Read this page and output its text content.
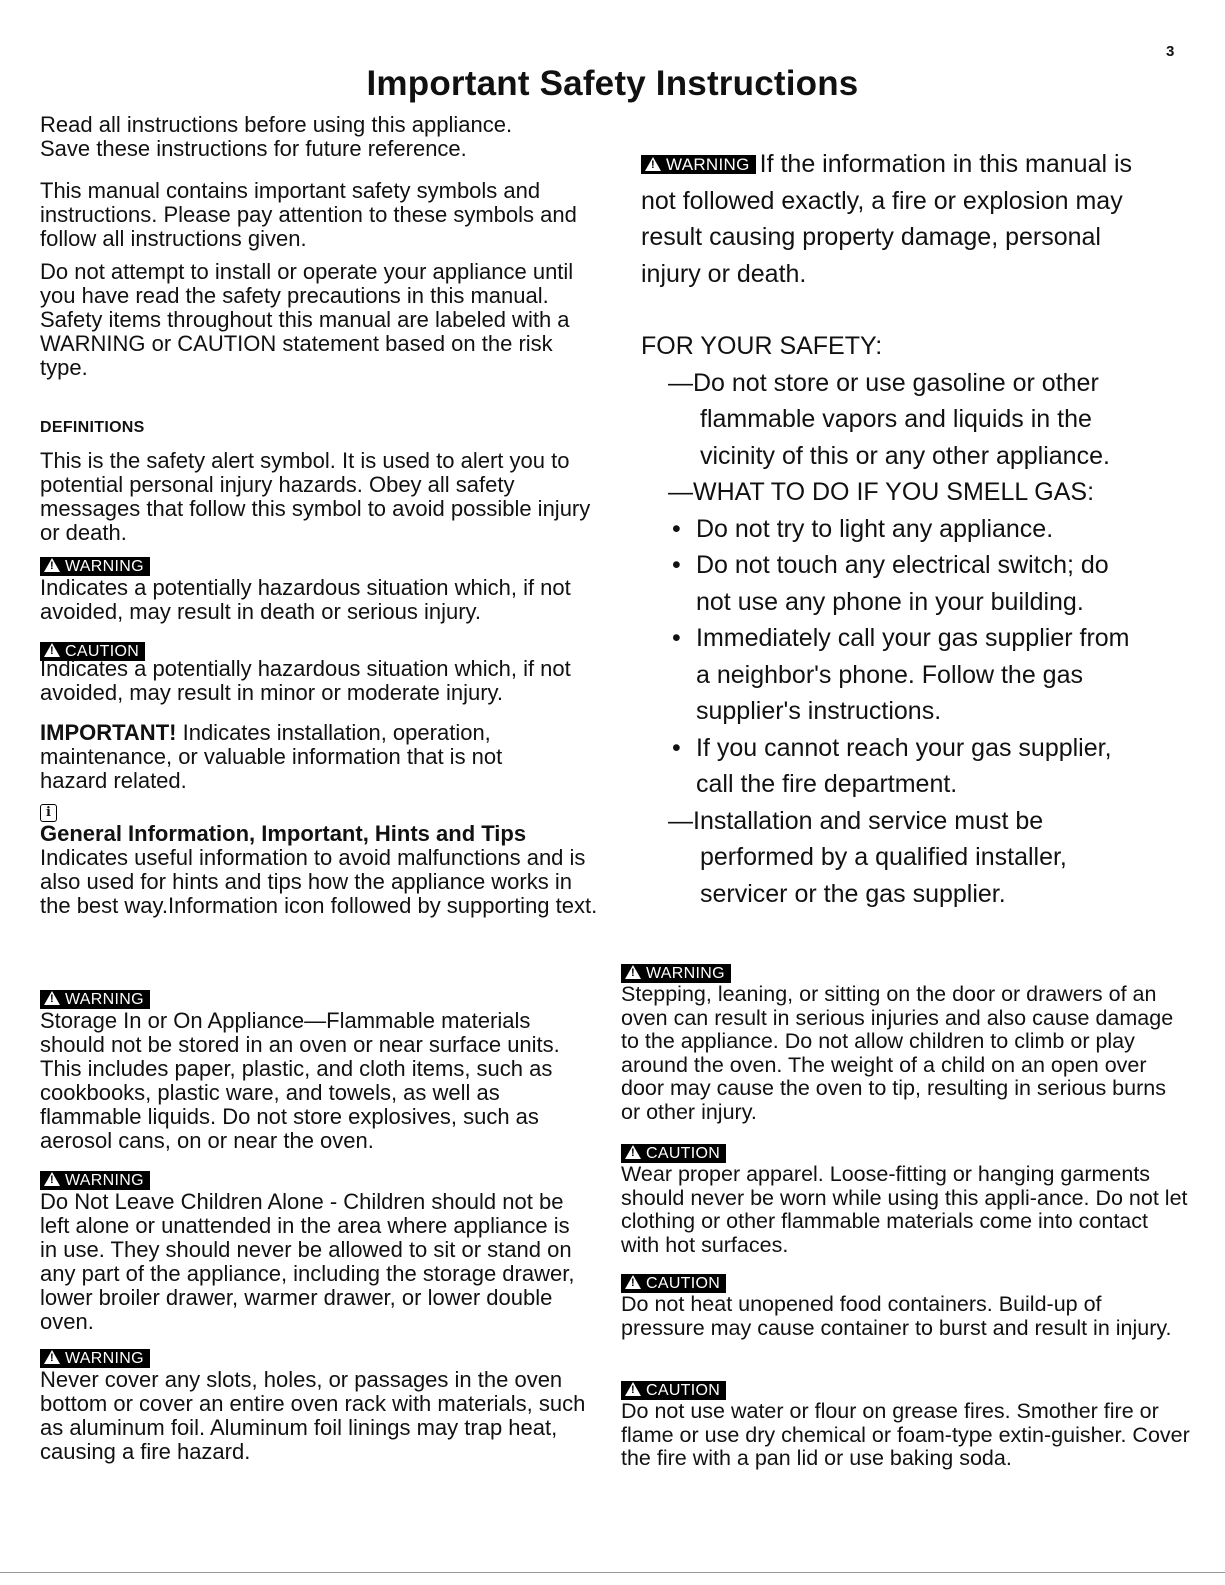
3
Important Safety Instructions

Read all instructions before using this appliance.

Save these instructions for future reference.

This manual contains important safety symbols and instructions. Please pay attention to these symbols and follow all instructions given.

Do not attempt to install or operate your appliance until you have read the safety precautions in this manual. Safety items throughout this manual are labeled with a WARNING or CAUTION statement based on the risk type.

DEFINITIONS

This is the safety alert symbol. It is used to alert you to potential personal injury hazards. Obey all safety messages that follow this symbol to avoid possible injury or death.

!WARNING

Indicates a potentially hazardous situation which, if not avoided, may result in death or serious injury.

!CAUTION

Indicates a potentially hazardous situation which, if not avoided, may result in minor or moderate injury.

IMPORTANT! Indicates installation, operation, maintenance, or valuable information that is not hazard related.

i

General Information, Important, Hints and Tips

Indicates useful information to avoid malfunctions and is also used for hints and tips how the appliance works in the best way.Information icon followed by supporting text.

!WARNING

Storage In or On Appliance—Flammable materials should not be stored in an oven or near surface units. This includes paper, plastic, and cloth items, such as cookbooks, plastic ware, and towels, as well as flammable liquids. Do not store explosives, such as aerosol cans, on or near the oven.

!WARNING

Do Not Leave Children Alone - Children should not be left alone or unattended in the area where appliance is in use. They should never be allowed to sit or stand on any part of the appliance, including the storage drawer, lower broiler drawer, warmer drawer, or lower double oven.

!WARNING

Never cover any slots, holes, or passages in the oven bottom or cover an entire oven rack with materials, such as aluminum foil. Aluminum foil linings may trap heat, causing a fire hazard.

!WARNING If the information in this manual is not followed exactly, a fire or explosion may result causing property damage, personal injury or death.

FOR YOUR SAFETY:

—Do not store or use gasoline or other flammable vapors and liquids in the vicinity of this or any other appliance.

—WHAT TO DO IF YOU SMELL GAS:

• Do not try to light any appliance.
• Do not touch any electrical switch; do not use any phone in your building.
• Immediately call your gas supplier from a neighbor's phone. Follow the gas supplier's instructions.
• If you cannot reach your gas supplier, call the fire department.

—Installation and service must be performed by a qualified installer, servicer or the gas supplier.

!WARNING

Stepping, leaning, or sitting on the door or drawers of an oven can result in serious injuries and also cause damage to the appliance. Do not allow children to climb or play around the oven. The weight of a child on an open over door may cause the oven to tip, resulting in serious burns or other injury.

!CAUTION

Wear proper apparel. Loose-fitting or hanging garments should never be worn while using this appli-ance. Do not let clothing or other flammable materials come into contact with hot surfaces.

!CAUTION

Do not heat unopened food containers. Build-up of pressure may cause container to burst and result in injury.

!CAUTION

Do not use water or flour on grease fires. Smother fire or flame or use dry chemical or foam-type extin-guisher. Cover the fire with a pan lid or use baking soda.
